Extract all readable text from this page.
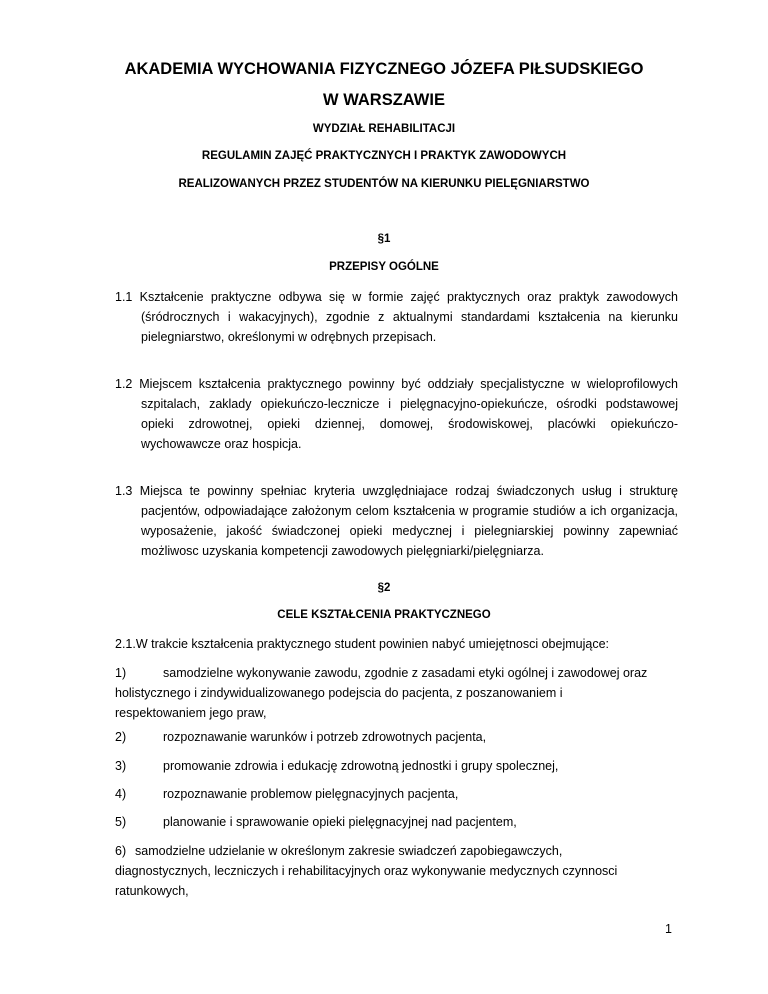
AKADEMIA WYCHOWANIA FIZYCZNEGO JÓZEFA PIŁSUDSKIEGO
W WARSZAWIE
WYDZIAŁ REHABILITACJI
REGULAMIN ZAJĘĆ PRAKTYCZNYCH I PRAKTYK ZAWODOWYCH
REALIZOWANYCH PRZEZ STUDENTÓW NA KIERUNKU PIELĘGNIARSTWO
§1
PRZEPISY OGÓLNE
1.1 Kształcenie praktyczne odbywa się w formie zajęć praktycznych oraz praktyk zawodowych (śródrocznych i wakacyjnych), zgodnie z aktualnymi standardami kształcenia na kierunku pielegniarstwo, określonymi w odrębnych przepisach.
1.2 Miejscem kształcenia praktycznego powinny być oddziały specjalistyczne w wieloprofilowych szpitalach, zaklady opiekuńczo-lecznicze i pielęgnacyjno-opiekuńcze, ośrodki podstawowej opieki zdrowotnej, opieki dziennej, domowej, środowiskowej, placówki opiekuńczo-wychowawcze oraz hospicja.
1.3 Miejsca te powinny spełniac kryteria uwzględniajace rodzaj świadczonych usług i strukturę pacjentów, odpowiadające założonym celom kształcenia w programie studiów a ich organizacja, wyposażenie, jakość świadczonej opieki medycznej i pielegniarskiej powinny zapewniać możliwosc uzyskania kompetencji zawodowych pielęgniarki/pielęgniarza.
§2
CELE KSZTAŁCENIA PRAKTYCZNEGO
2.1.W trakcie kształcenia praktycznego student powinien nabyć umiejętnosci obejmujące:
1)	samodzielne wykonywanie zawodu, zgodnie z zasadami etyki ogólnej i zawodowej oraz
holistycznego i zindywidualizowanego podejscia do pacjenta, z poszanowaniem i
respektowaniem jego praw,
2)	rozpoznawanie warunków i potrzeb zdrowotnych pacjenta,
3)	promowanie zdrowia i edukację zdrowotną jednostki i grupy spolecznej,
4)	rozpoznawanie problemow pielęgnacyjnych pacjenta,
5)	planowanie i sprawowanie opieki pielęgnacyjnej nad pacjentem,
6) samodzielne udzielanie w określonym zakresie swiadczeń zapobiegawczych,
diagnostycznych, leczniczych i rehabilitacyjnych oraz wykonywanie medycznych czynnosci
ratunkowych,
1
